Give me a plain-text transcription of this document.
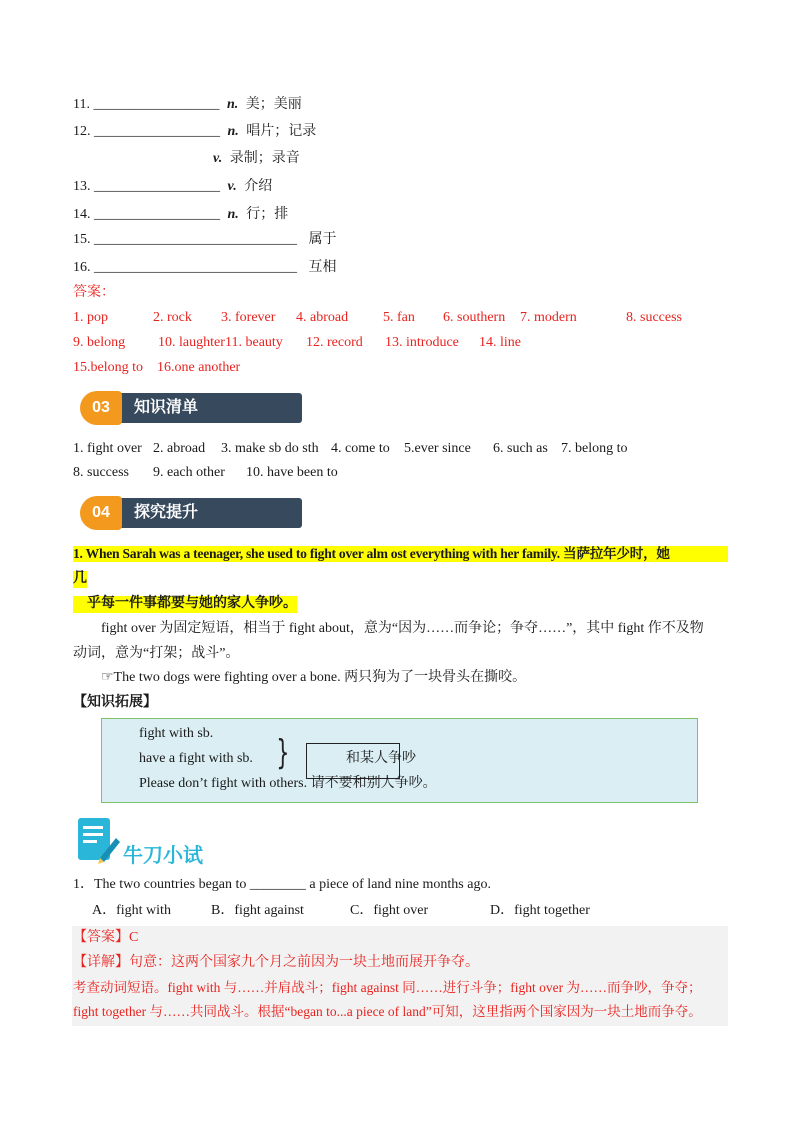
11. __________________ n. 美；美丽
12. __________________ n. 唱片；记录
v. 录制；录音
13. __________________ v. 介绍
14. __________________ n. 行；排
15. _____________________________ 属于
16. _____________________________ 互相
答案：
1. pop	2. rock 3. forever 4. abroad 5. fan 6. southern 7. modern	8. success
9. belong 10. laughter 11. beauty 12. record 13. introduce 14. line
15.belong to 16.one another
知识清单
03
1. fight over 2. abroad 3. make sb do sth 4. come to 5.ever since 6. such as 7. belong to
8. success 9. each other 10. have been to
探究提升
04
1. When Sarah was a teenager, she used to fight over alm ost everything with her family. 当萨拉年少时，她
几
乎每一件事都要与她的家人争吵。
fight over 为固定短语，相当于 fight about，意为“因为……而争论；争夺……”，其中 fight 作不及物
动词，意为“打架；战斗”。
☞The two dogs were fighting over a bone. 两只狗为了一块骨头在撕咬。
【知识拓展】
fight with sb.
have a fight with sb. }	和某人争吵
Please don’t fight with others. 请不要和别人争吵。
牛刀小试
1．The two countries began to ________ a piece of land nine months ago.
A．fight with	B．fight against	C．fight over	D．fight together
【答案】C
【详解】句意：这两个国家九个月之前因为一块土地而展开争夺。
考查动词短语。fight with 与……并肩战斗；fight against 同……进行斗争；fight over 为……而争吵，争夺；
fight together 与……共同战斗。根据“began to...a piece of land”可知，这里指两个国家因为一块土地而争夺。
